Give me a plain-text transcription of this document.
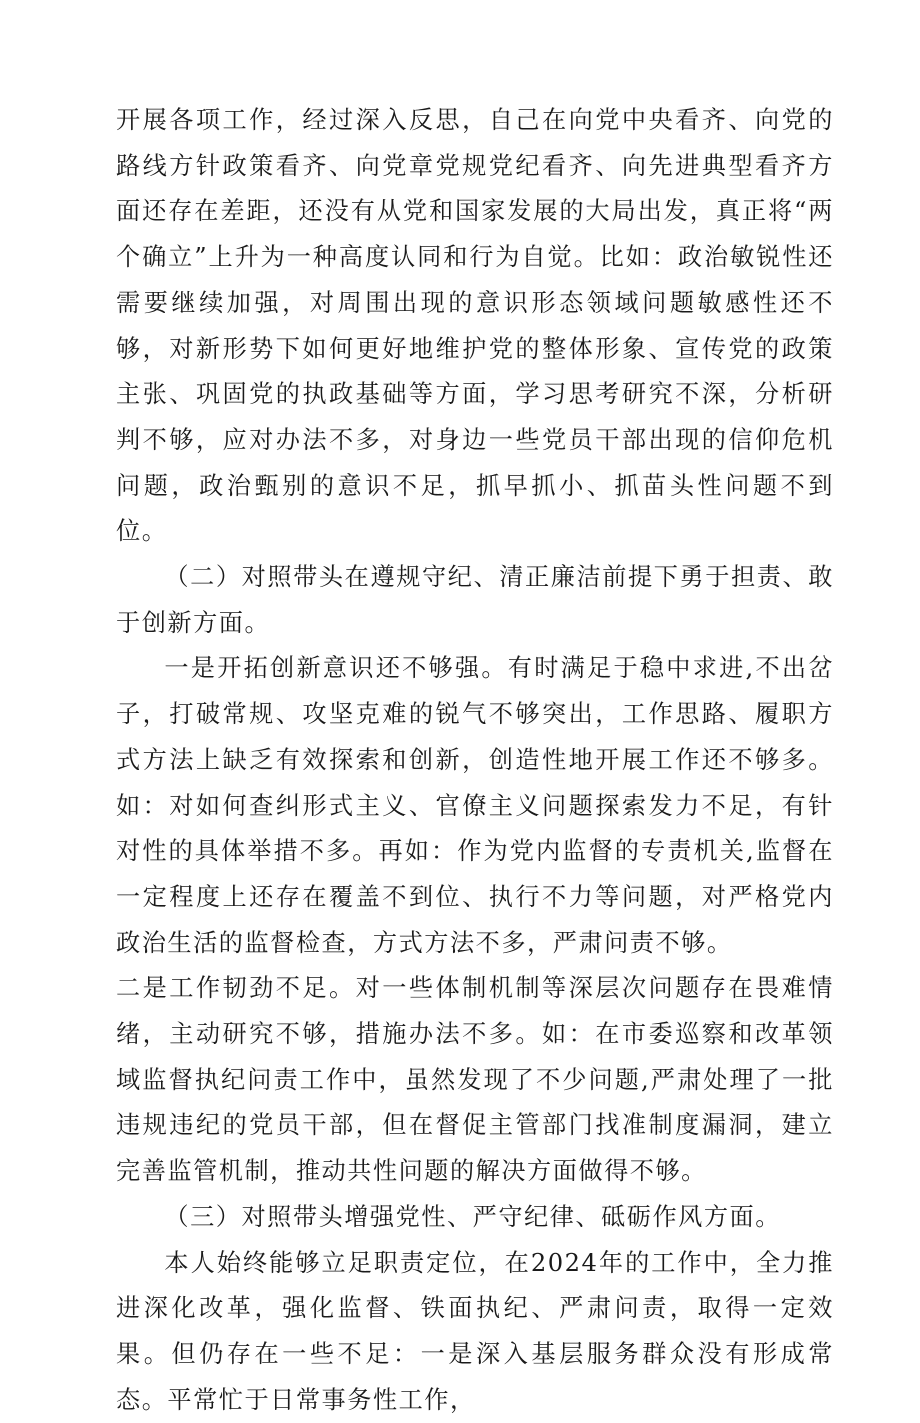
开展各项工作，经过深入反思，自己在向党中央看齐、向党的路线方针政策看齐、向党章党规党纪看齐、向先进典型看齐方面还存在差距，还没有从党和国家发展的大局出发，真正将“两个确立”上升为一种高度认同和行为自觉。比如：政治敏锐性还需要继续加强，对周围出现的意识形态领域问题敏感性还不够，对新形势下如何更好地维护党的整体形象、宣传党的政策主张、巩固党的执政基础等方面，学习思考研究不深，分析研判不够，应对办法不多，对身边一些党员干部出现的信仰危机问题，政治甄别的意识不足，抓早抓小、抓苗头性问题不到位。

（二）对照带头在遵规守纪、清正廉洁前提下勇于担责、敢于创新方面。

一是开拓创新意识还不够强。有时满足于稳中求进,不出岔子，打破常规、攻坚克难的锐气不够突出，工作思路、履职方式方法上缺乏有效探索和创新，创造性地开展工作还不够多。如：对如何查纠形式主义、官僚主义问题探索发力不足，有针对性的具体举措不多。再如：作为党内监督的专责机关,监督在一定程度上还存在覆盖不到位、执行不力等问题，对严格党内政治生活的监督检查，方式方法不多，严肃问责不够。

二是工作韧劲不足。对一些体制机制等深层次问题存在畏难情绪，主动研究不够，措施办法不多。如：在市委巡察和改革领域监督执纪问责工作中，虽然发现了不少问题,严肃处理了一批违规违纪的党员干部，但在督促主管部门找准制度漏洞，建立完善监管机制，推动共性问题的解决方面做得不够。

（三）对照带头增强党性、严守纪律、砥砺作风方面。

本人始终能够立足职责定位，在2024年的工作中，全力推进深化改革，强化监督、铁面执纪、严肃问责，取得一定效果。但仍存在一些不足：一是深入基层服务群众没有形成常态。平常忙于日常事务性工作，
